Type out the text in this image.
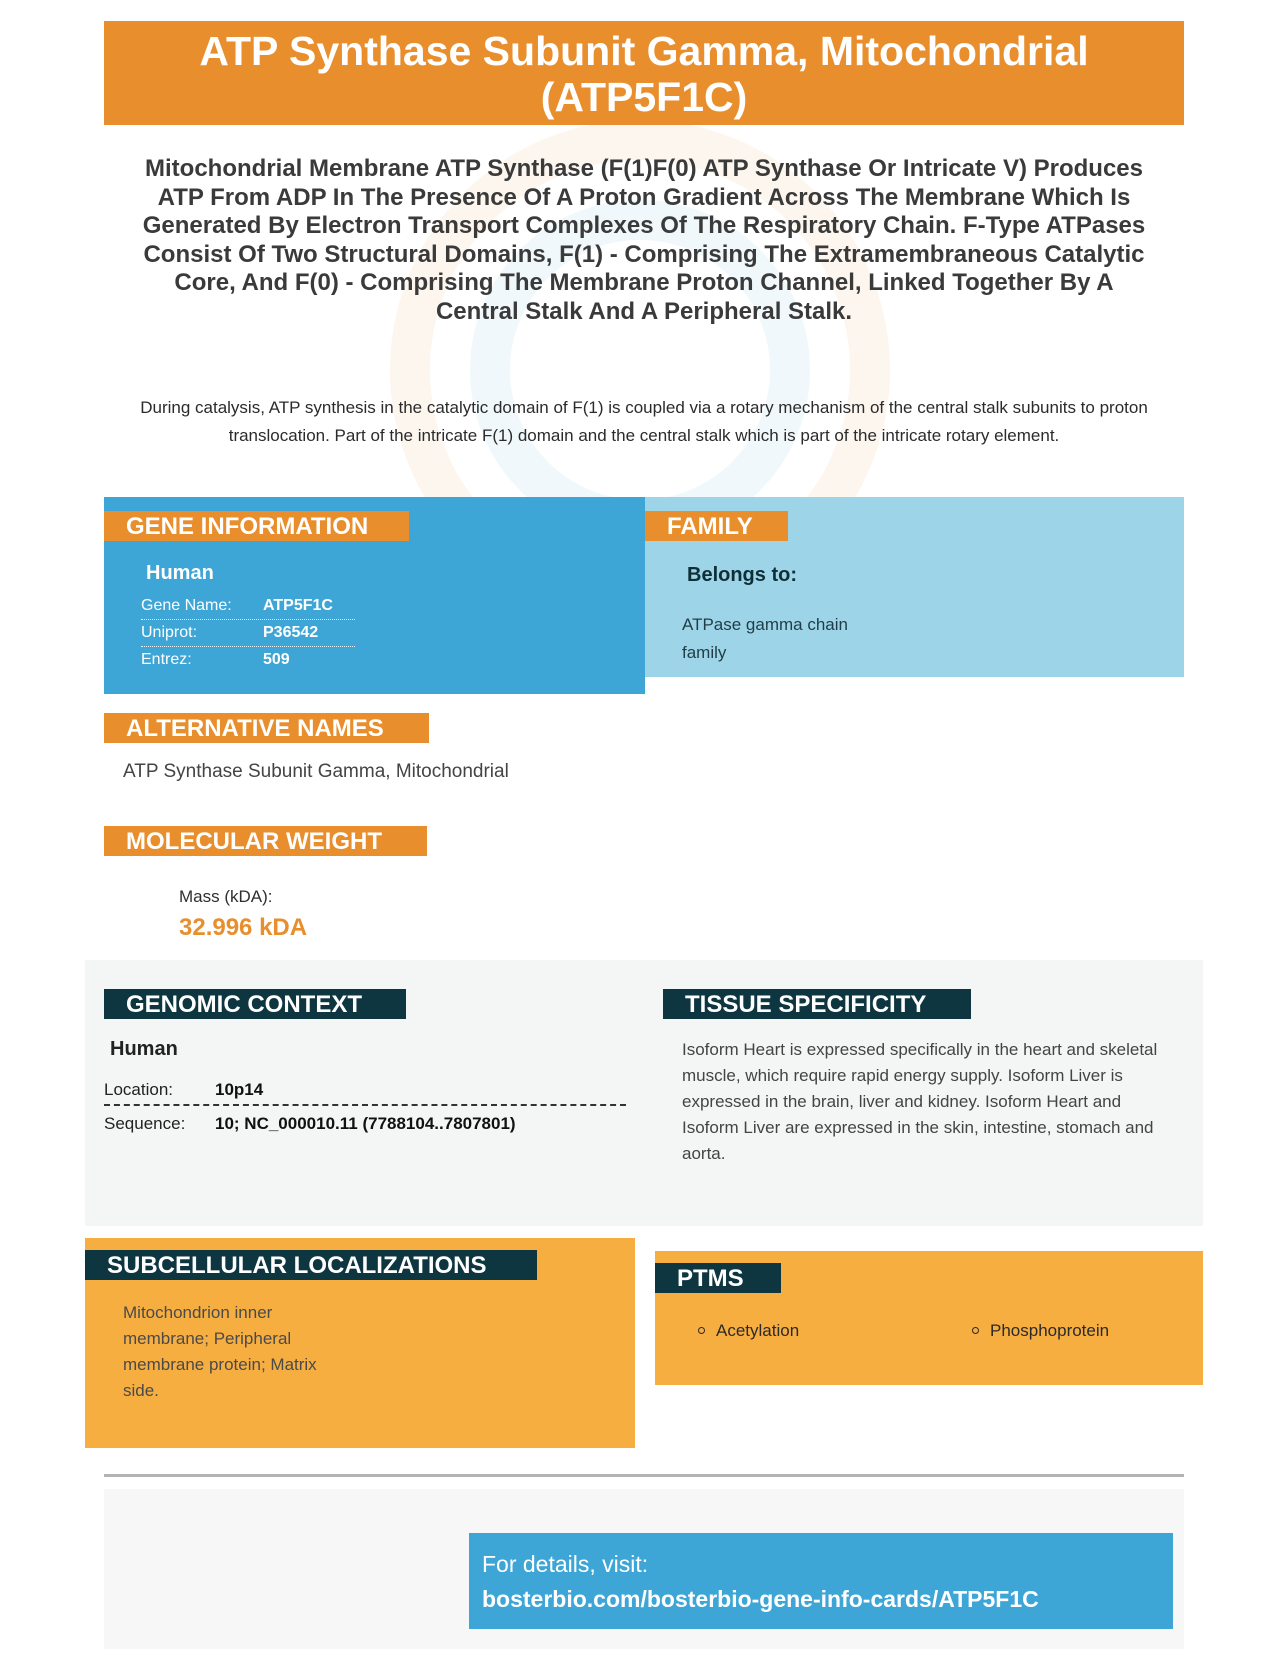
ATP Synthase Subunit Gamma, Mitochondrial (ATP5F1C)
Mitochondrial Membrane ATP Synthase (F(1)F(0) ATP Synthase Or Intricate V) Produces ATP From ADP In The Presence Of A Proton Gradient Across The Membrane Which Is Generated By Electron Transport Complexes Of The Respiratory Chain. F-Type ATPases Consist Of Two Structural Domains, F(1) - Comprising The Extramembraneous Catalytic Core, And F(0) - Comprising The Membrane Proton Channel, Linked Together By A Central Stalk And A Peripheral Stalk.
During catalysis, ATP synthesis in the catalytic domain of F(1) is coupled via a rotary mechanism of the central stalk subunits to proton translocation. Part of the intricate F(1) domain and the central stalk which is part of the intricate rotary element.
GENE INFORMATION
Human
Gene Name: ATP5F1C
Uniprot:	P36542
Entrez:	509
FAMILY
Belongs to:
ATPase gamma chain family
ALTERNATIVE NAMES
ATP Synthase Subunit Gamma, Mitochondrial
MOLECULAR WEIGHT
Mass (kDA):
32.996 kDA
GENOMIC CONTEXT
Human
Location: 10p14
Sequence: 10; NC_000010.11 (7788104..7807801)
TISSUE SPECIFICITY
Isoform Heart is expressed specifically in the heart and skeletal muscle, which require rapid energy supply. Isoform Liver is expressed in the brain, liver and kidney. Isoform Heart and Isoform Liver are expressed in the skin, intestine, stomach and aorta.
SUBCELLULAR LOCALIZATIONS
Mitochondrion inner membrane; Peripheral membrane protein; Matrix side.
PTMS
Acetylation	Phosphoprotein
For details, visit:
bosterbio.com/bosterbio-gene-info-cards/ATP5F1C
